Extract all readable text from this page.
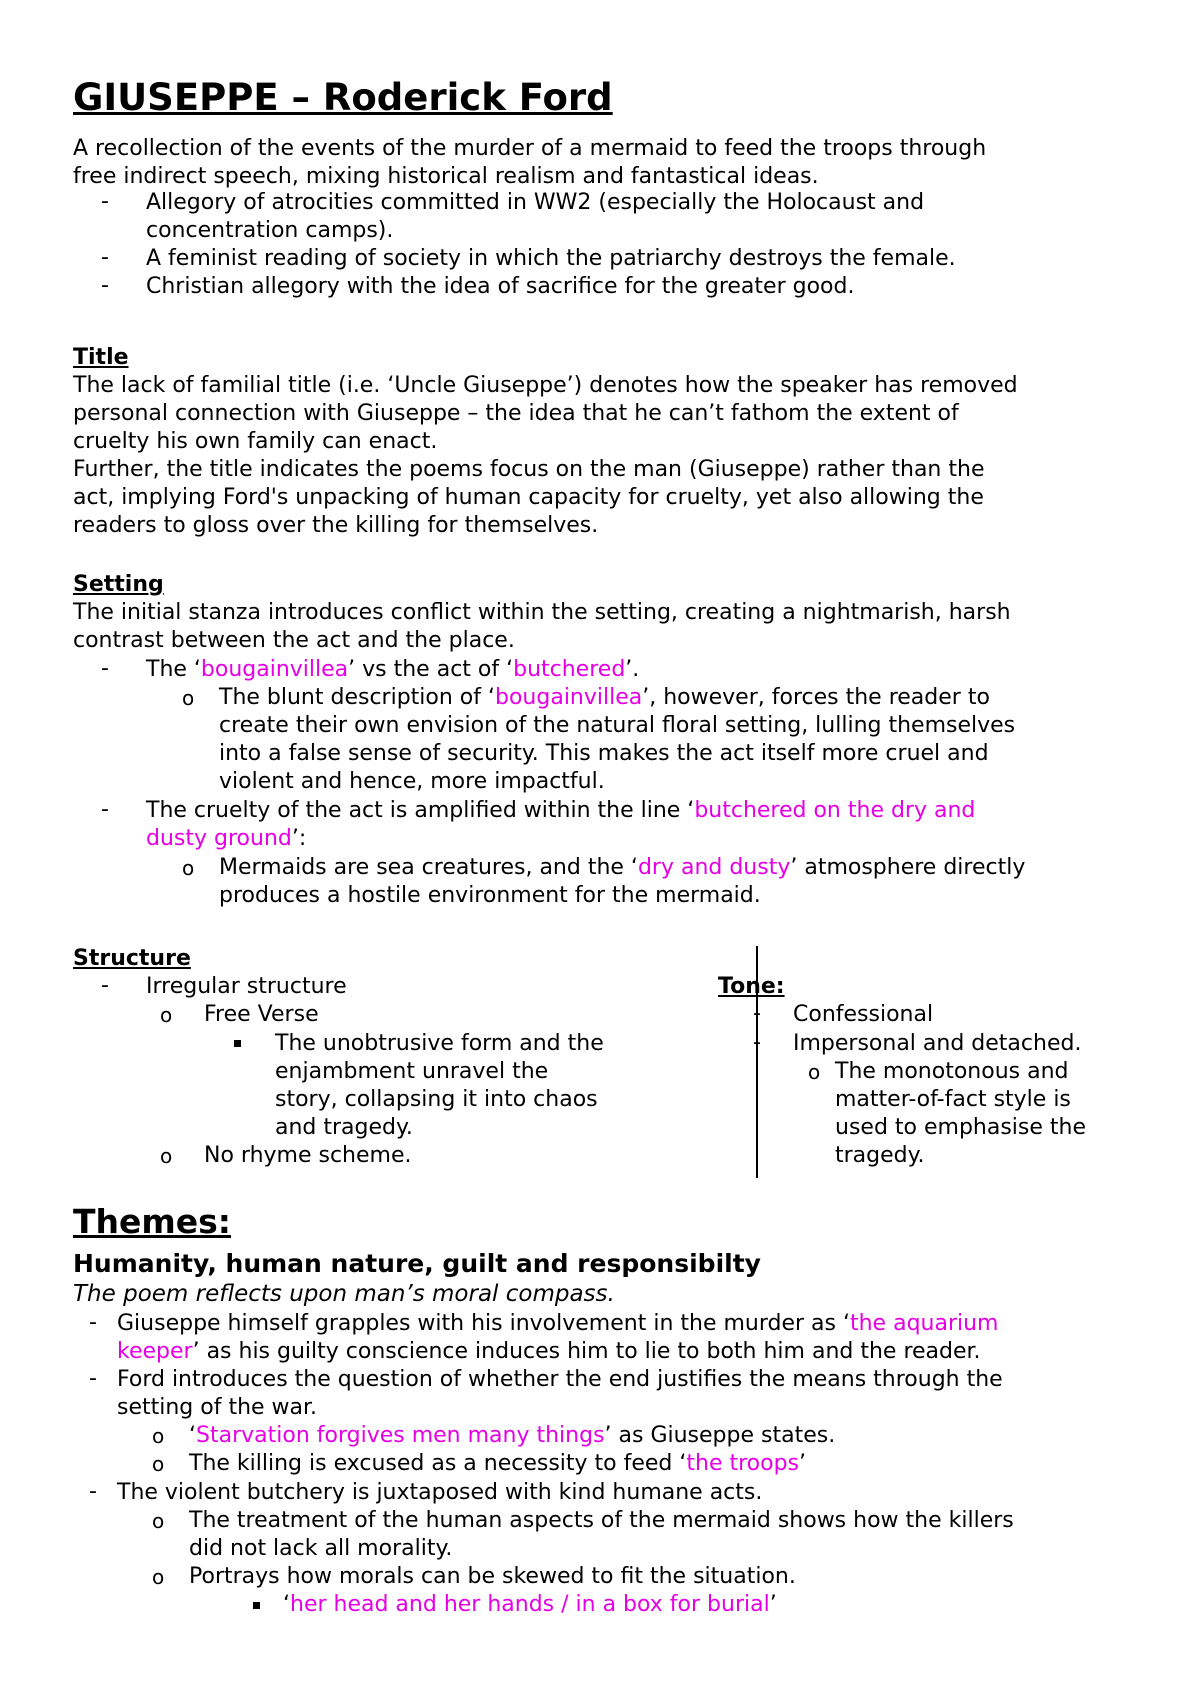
GIUSEPPE – Roderick Ford
A recollection of the events of the murder of a mermaid to feed the troops through
free indirect speech, mixing historical realism and fantastical ideas.
- Allegory of atrocities committed in WW2 (especially the Holocaust and
concentration camps).
- A feminist reading of society in which the patriarchy destroys the female.
- Christian allegory with the idea of sacrifice for the greater good.
Title
The lack of familial title (i.e. ‘Uncle Giuseppe’) denotes how the speaker has removed
personal connection with Giuseppe – the idea that he can’t fathom the extent of
cruelty his own family can enact.
Further, the title indicates the poems focus on the man (Giuseppe) rather than the
act, implying Ford's unpacking of human capacity for cruelty, yet also allowing the
readers to gloss over the killing for themselves.
Setting
The initial stanza introduces conflict within the setting, creating a nightmarish, harsh
contrast between the act and the place.
- The ‘bougainvillea’ vs the act of ‘butchered’.
o The blunt description of ‘bougainvillea’, however, forces the reader to
create their own envision of the natural floral setting, lulling themselves
into a false sense of security. This makes the act itself more cruel and
violent and hence, more impactful.
- The cruelty of the act is amplified within the line ‘butchered on the dry and
dusty ground’:
o Mermaids are sea creatures, and the ‘dry and dusty’ atmosphere directly
produces a hostile environment for the mermaid.
Structure
- Irregular structure
o Free Verse
The unobtrusive form and the
enjambment unravel the
story, collapsing it into chaos
and tragedy.
o No rhyme scheme.
Tone:
- Confessional
- Impersonal and detached.
o The monotonous and
matter-of-fact style is
used to emphasise the
tragedy.
Themes:
Humanity, human nature, guilt and responsibilty
The poem reflects upon man’s moral compass.
- Giuseppe himself grapples with his involvement in the murder as ‘the aquarium
keeper’ as his guilty conscience induces him to lie to both him and the reader.
- Ford introduces the question of whether the end justifies the means through the
setting of the war.
o ‘Starvation forgives men many things’ as Giuseppe states.
o The killing is excused as a necessity to feed ‘the troops’
- The violent butchery is juxtaposed with kind humane acts.
o The treatment of the human aspects of the mermaid shows how the killers
did not lack all morality.
o Portrays how morals can be skewed to fit the situation.
‘her head and her hands / in a box for burial’
